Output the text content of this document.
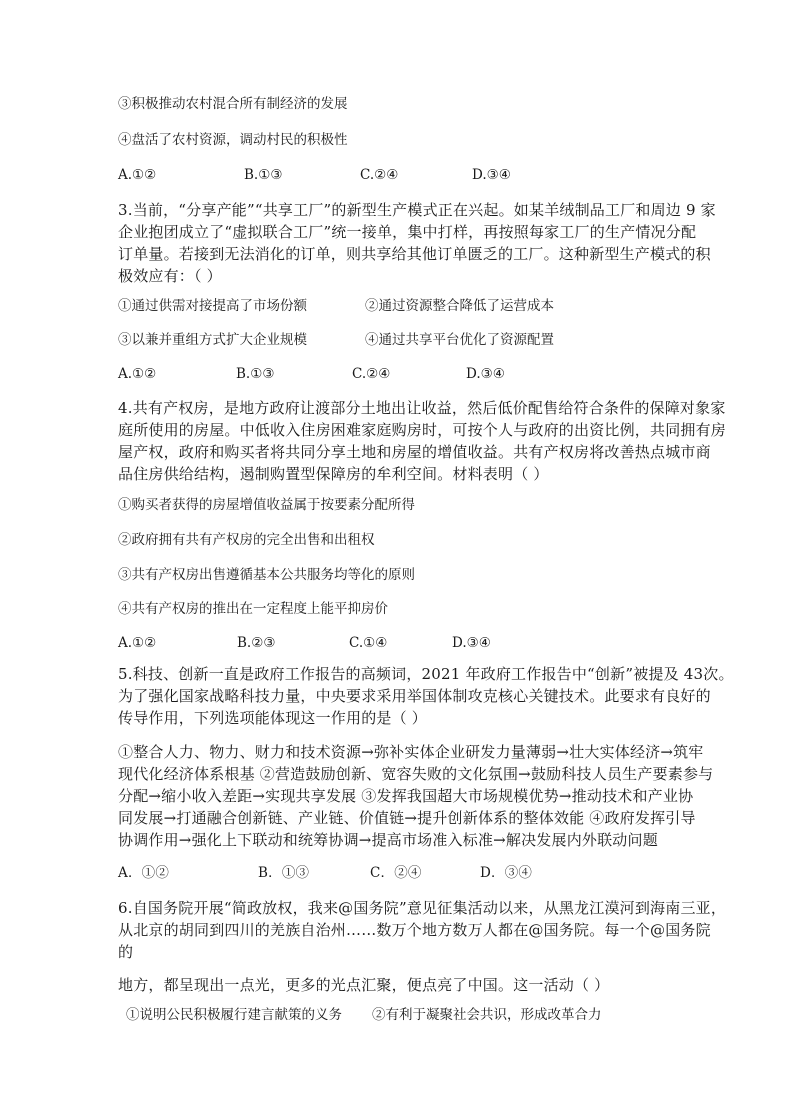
③积极推动农村混合所有制经济的发展
④盘活了农村资源，调动村民的积极性
A.①②	B.①③	C.②④	D.③④
3.当前，“分享产能”“共享工厂”的新型生产模式正在兴起。如某羊绒制品工厂和周边 9 家
企业抱团成立了“虚拟联合工厂”统一接单，集中打样，再按照每家工厂的生产情况分配
订单量。若接到无法消化的订单，则共享给其他订单匮乏的工厂。这种新型生产模式的积
极效应有：（ ）
①通过供需对接提高了市场份额	②通过资源整合降低了运营成本
③以兼并重组方式扩大企业规模	④通过共享平台优化了资源配置
A.①②	B.①③	C.②④	D.③④
4.共有产权房，是地方政府让渡部分土地出让收益，然后低价配售给符合条件的保障对象家
庭所使用的房屋。中低收入住房困难家庭购房时，可按个人与政府的出资比例，共同拥有房
屋产权，政府和购买者将共同分享土地和房屋的增值收益。共有产权房将改善热点城市商
品住房供给结构，遏制购置型保障房的牟利空间。材料表明（ ）
①购买者获得的房屋增值收益属于按要素分配所得
②政府拥有共有产权房的完全出售和出租权
③共有产权房出售遵循基本公共服务均等化的原则
④共有产权房的推出在一定程度上能平抑房价
A.①②	B.②③	C.①④	D.③④
5.科技、创新一直是政府工作报告的高频词，2021 年政府工作报告中“创新”被提及 43次。
为了强化国家战略科技力量，中央要求采用举国体制攻克核心关键技术。此要求有良好的
传导作用，下列选项能体现这一作用的是（ ）
①整合人力、物力、财力和技术资源→弥补实体企业研发力量薄弱→壮大实体经济→筑牢
现代化经济体系根基 ②营造鼓励创新、宽容失败的文化氛围→鼓励科技人员生产要素参与
分配→缩小收入差距→实现共享发展 ③发挥我国超大市场规模优势→推动技术和产业协
同发展→打通融合创新链、产业链、价值链→提升创新体系的整体效能 ④政府发挥引导
协调作用→强化上下联动和统筹协调→提高市场准入标准→解决发展内外联动问题
A．①②	B．①③	C．②④	D．③④
6.自国务院开展“简政放权，我来@国务院”意见征集活动以来，从黑龙江漠河到海南三亚，
从北京的胡同到四川的羌族自治州……数万个地方数万人都在@国务院。每一个@国务院
的
地方，都呈现出一点光，更多的光点汇聚，便点亮了中国。这一活动（ ）
①说明公民积极履行建言献策的义务 ②有利于凝聚社会共识，形成改革合力
